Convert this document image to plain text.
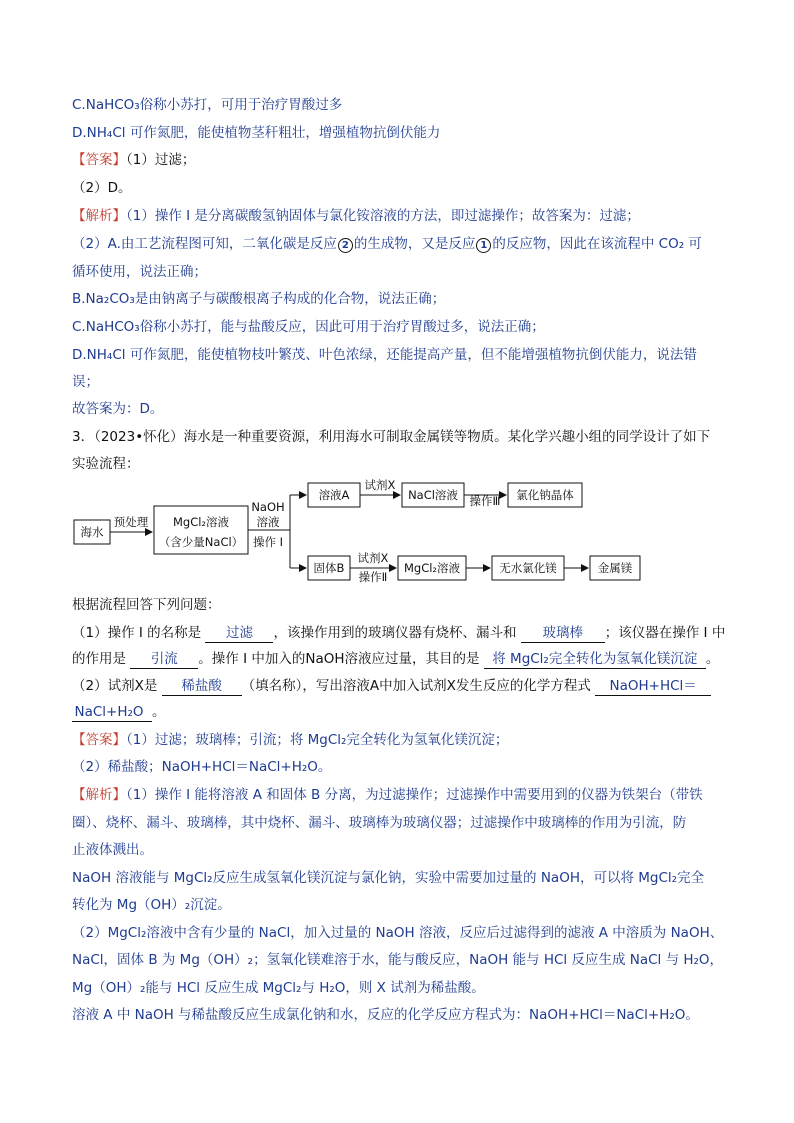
C.NaHCO₃俗称小苏打，可用于治疗胃酸过多
D.NH₄Cl 可作氮肥，能使植物茎秆粗壮，增强植物抗倒伏能力
【答案】（1）过滤；
（2）D。
【解析】（1）操作 I 是分离碳酸氢钠固体与氯化铵溶液的方法，即过滤操作；故答案为：过滤；
（2）A.由工艺流程图可知，二氧化碳是反应 2 的生成物，又是反应 1 的反应物，因此在该流程中 CO₂ 可
循环使用，说法正确；
B.Na₂CO₃是由钠离子与碳酸根离子构成的化合物，说法正确；
C.NaHCO₃俗称小苏打，能与盐酸反应，因此可用于治疗胃酸过多，说法正确；
D.NH₄Cl 可作氮肥，能使植物枝叶繁茂、叶色浓绿，还能提高产量，但不能增强植物抗倒伏能力，说法错
误；
故答案为：D。
3．（2023•怀化）海水是一种重要资源，利用海水可制取金属镁等物质。某化学兴趣小组的同学设计了如下
实验流程：
海水
预处理 MgCl₂溶液
（含少量NaCl）
NaOH
溶液
操作 I
溶液A
试剂X
NaCl溶液 操作Ⅲ 氯化钠晶体
固体B
试剂X
操作Ⅱ
MgCl₂溶液	无水氯化镁	金属镁
根据流程回答下列问题：
（1）操作 I 的名称是 过滤 ，该操作用到的玻璃仪器有烧杯、漏斗和 玻璃棒 ；该仪器在操作 I 中
的作用是 引流 。操作 I 中加入的NaOH溶液应过量，其目的是 将 MgCl₂完全转化为氢氧化镁沉淀 。
（2）试剂X是 稀盐酸 （填名称），写出溶液A中加入试剂X发生反应的化学方程式 NaOH+HCl＝
NaCl+H₂O 。
【答案】（1）过滤；玻璃棒；引流；将 MgCl₂完全转化为氢氧化镁沉淀；
（2）稀盐酸；NaOH+HCl＝NaCl+H₂O。
【解析】（1）操作 I 能将溶液 A 和固体 B 分离，为过滤操作；过滤操作中需要用到的仪器为铁架台（带铁
圈）、烧杯、漏斗、玻璃棒，其中烧杯、漏斗、玻璃棒为玻璃仪器；过滤操作中玻璃棒的作用为引流，防
止液体溅出。
NaOH 溶液能与 MgCl₂反应生成氢氧化镁沉淀与氯化钠，实验中需要加过量的 NaOH，可以将 MgCl₂完全
转化为 Mg（OH）₂沉淀。
（2）MgCl₂溶液中含有少量的 NaCl，加入过量的 NaOH 溶液，反应后过滤得到的滤液 A 中溶质为 NaOH、
NaCl，固体 B 为 Mg（OH）₂；氢氧化镁难溶于水，能与酸反应，NaOH 能与 HCl 反应生成 NaCl 与 H₂O，
Mg（OH）₂能与 HCl 反应生成 MgCl₂与 H₂O，则 X 试剂为稀盐酸。
溶液 A 中 NaOH 与稀盐酸反应生成氯化钠和水，反应的化学反应方程式为：NaOH+HCl＝NaCl+H₂O。
